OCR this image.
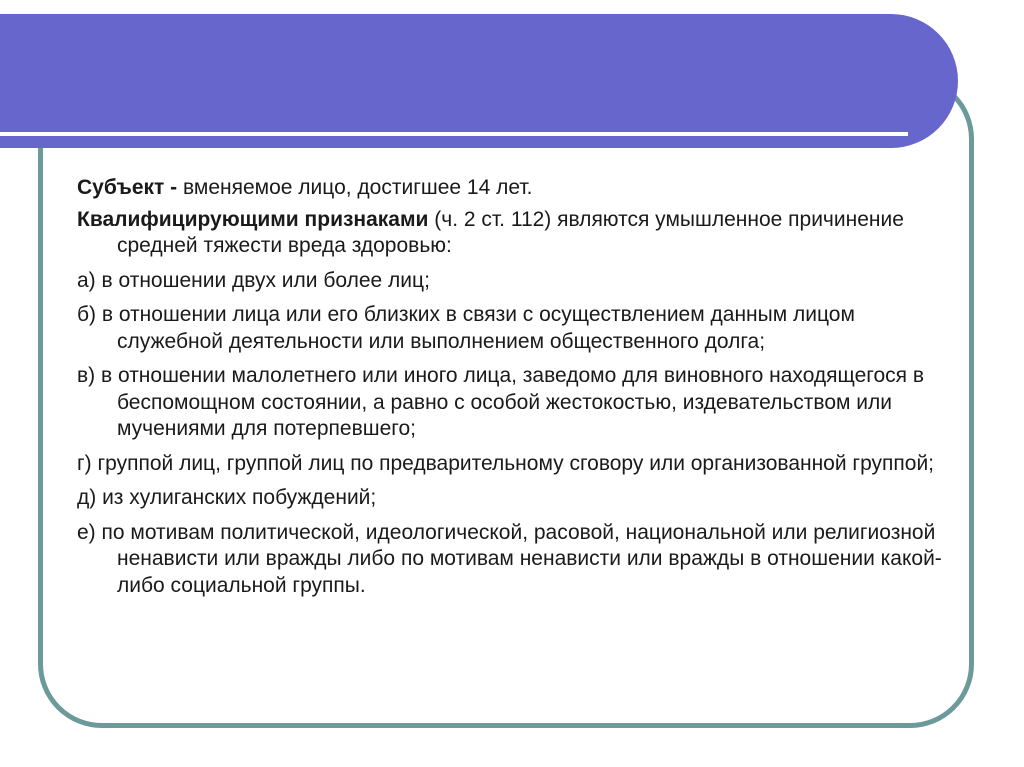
Субъект - вменяемое лицо, достигшее 14 лет.

Квалифицирующими признаками (ч. 2 ст. 112) являются умышленное причинение средней тяжести вреда здоровью:

а) в отношении двух или более лиц;

б) в отношении лица или его близких в связи с осуществлением данным лицом служебной деятельности или выполнением общественного долга;

в) в отношении малолетнего или иного лица, заведомо для виновного находящегося в беспомощном состоянии, а равно с особой жестокостью, издевательством или мучениями для потерпевшего;

г) группой лиц, группой лиц по предварительному сговору или организованной группой;

д) из хулиганских побуждений;

е) по мотивам политической, идеологической, расовой, национальной или религиозной ненависти или вражды либо по мотивам ненависти или вражды в отношении какой-либо социальной группы.
